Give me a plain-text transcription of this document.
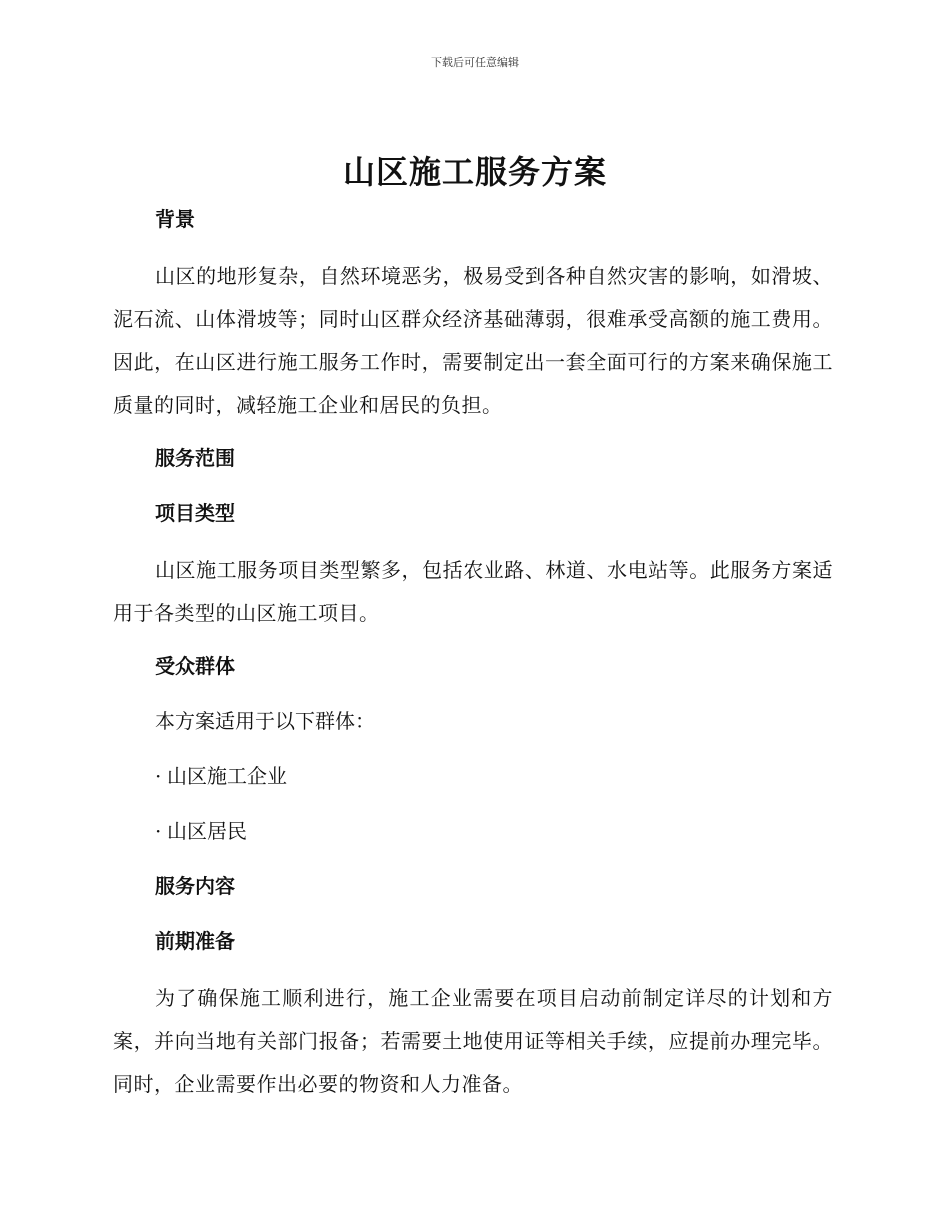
下载后可任意编辑
山区施工服务方案
背景

山区的地形复杂，自然环境恶劣，极易受到各种自然灾害的影响，如滑坡、泥石流、山体滑坡等；同时山区群众经济基础薄弱，很难承受高额的施工费用。因此，在山区进行施工服务工作时，需要制定出一套全面可行的方案来确保施工质量的同时，减轻施工企业和居民的负担。

服务范围
项目类型

山区施工服务项目类型繁多，包括农业路、林道、水电站等。此服务方案适用于各类型的山区施工项目。

受众群体
本方案适用于以下群体：
· 山区施工企业
· 山区居民
服务内容
前期准备

为了确保施工顺利进行，施工企业需要在项目启动前制定详尽的计划和方案，并向当地有关部门报备；若需要土地使用证等相关手续，应提前办理完毕。同时，企业需要作出必要的物资和人力准备。
